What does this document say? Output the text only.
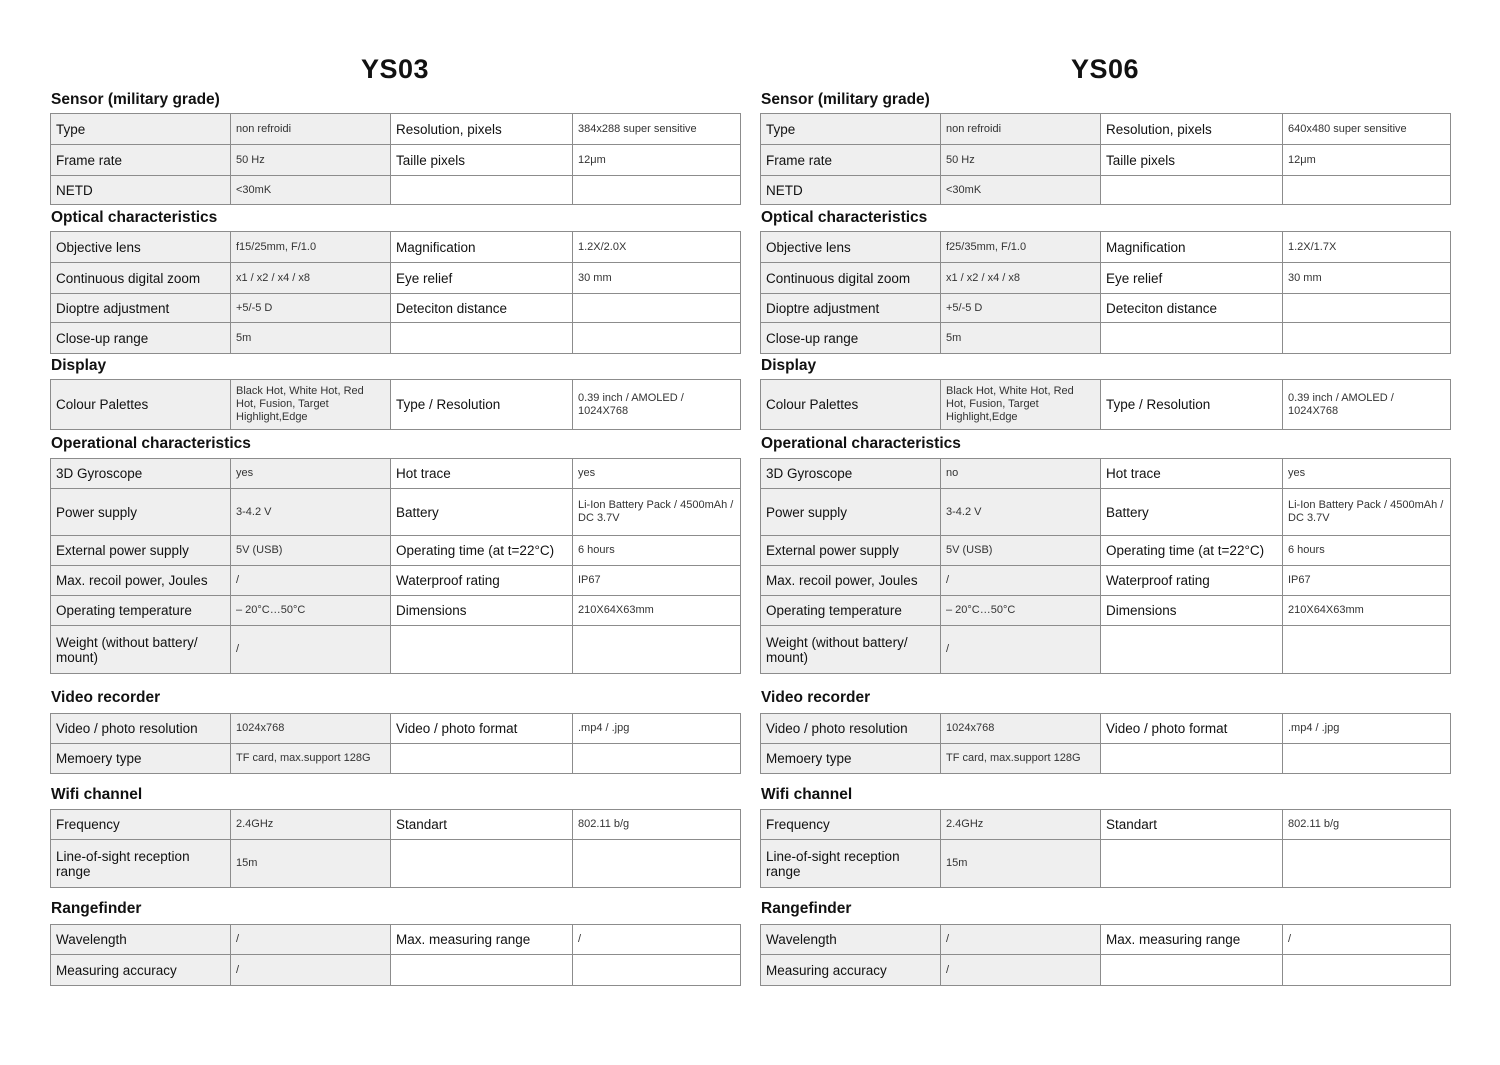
YS03
Sensor (military grade)
Type	non refroidi	Resolution, pixels	384x288 super sensitive
Frame rate	50 Hz	Taille pixels	12μm
NETD	<30mK		
Optical characteristics
Objective lens	f15/25mm, F/1.0	Magnification	1.2X/2.0X
Continuous digital zoom	x1 / x2 / x4 / x8	Eye relief	30 mm
Dioptre adjustment	+5/-5 D	Deteciton distance	
Close-up range	5m		
Display
Colour Palettes	Black Hot, White Hot, Red Hot, Fusion, Target Highlight,Edge	Type / Resolution	0.39 inch / AMOLED / 1024X768
Operational characteristics
3D Gyroscope	yes	Hot trace	yes
Power supply	3-4.2 V	Battery	Li-Ion Battery Pack / 4500mAh / DC 3.7V
External power supply	5V (USB)	Operating time (at t=22°C)	6 hours
Max. recoil power, Joules	/	Waterproof rating	IP67
Operating temperature	– 20°C…50°C	Dimensions	210X64X63mm
Weight (without battery/ mount)	/		
Video recorder
Video / photo resolution	1024x768	Video / photo format	.mp4 / .jpg
Memoery type	TF card, max.support 128G		
Wifi channel
Frequency	2.4GHz	Standart	802.11 b/g
Line-of-sight reception range	15m		
Rangefinder
Wavelength	/	Max. measuring range	/
Measuring accuracy	/		
YS06
Sensor (military grade)
Type	non refroidi	Resolution, pixels	640x480 super sensitive
Frame rate	50 Hz	Taille pixels	12μm
NETD	<30mK		
Optical characteristics
Objective lens	f25/35mm, F/1.0	Magnification	1.2X/1.7X
Continuous digital zoom	x1 / x2 / x4 / x8	Eye relief	30 mm
Dioptre adjustment	+5/-5 D	Deteciton distance	
Close-up range	5m		
Display
Colour Palettes	Black Hot, White Hot, Red Hot, Fusion, Target Highlight,Edge	Type / Resolution	0.39 inch / AMOLED / 1024X768
Operational characteristics
3D Gyroscope	no	Hot trace	yes
Power supply	3-4.2 V	Battery	Li-Ion Battery Pack / 4500mAh / DC 3.7V
External power supply	5V (USB)	Operating time (at t=22°C)	6 hours
Max. recoil power, Joules	/	Waterproof rating	IP67
Operating temperature	– 20°C…50°C	Dimensions	210X64X63mm
Weight (without battery/ mount)	/		
Video recorder
Video / photo resolution	1024x768	Video / photo format	.mp4 / .jpg
Memoery type	TF card, max.support 128G		
Wifi channel
Frequency	2.4GHz	Standart	802.11 b/g
Line-of-sight reception range	15m		
Rangefinder
Wavelength	/	Max. measuring range	/
Measuring accuracy	/		
